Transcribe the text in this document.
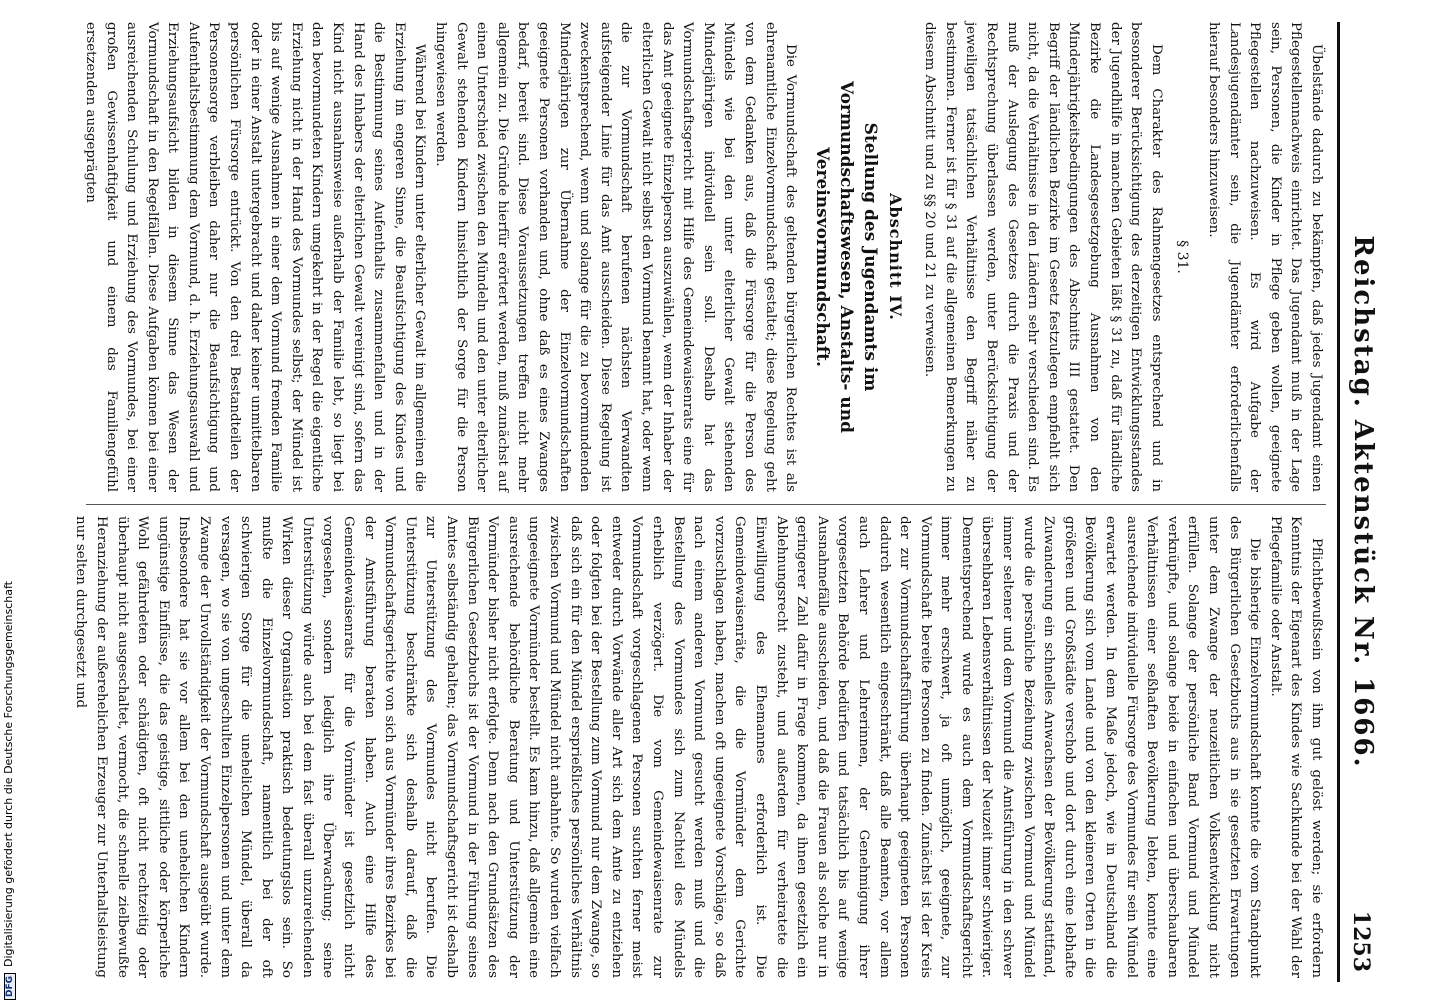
Reichstag. Aktenstück Nr. 1666.
1253

Übelstände dadurch zu bekämpfen, daß jedes Jugendamt einen Pflegestellennachweis einrichtet. Das Jugendamt muß in der Lage sein, Personen, die Kinder in Pflege geben wollen, geeignete Pflegestellen nachzuweisen. Es wird Aufgabe der Landesjugendämter sein, die Jugendämter erforderlichenfalls hierauf besonders hinzuweisen.

§ 31.

Dem Charakter des Rahmengesetzes entsprechend und in besonderer Berücksichtigung des derzeitigen Entwicklungsstandes der Jugendhilfe in manchen Gebieten läßt § 31 zu, daß für ländliche Bezirke die Landesgesetzgebung Ausnahmen von den Minderjährigkeitsbedingungen des Abschnitts III gestattet. Den Begriff der ländlichen Bezirke im Gesetz festzulegen empfiehlt sich nicht, da die Verhältnisse in den Ländern sehr verschieden sind. Es muß der Auslegung des Gesetzes durch die Praxis und der Rechtsprechung überlassen werden, unter Berücksichtigung der jeweiligen tatsächlichen Verhältnisse den Begriff näher zu bestimmen. Ferner ist für § 31 auf die allgemeinen Bemerkungen zu diesem Abschnitt und zu §§ 20 und 21 zu verweisen.

Abschnitt IV.

Stellung des Jugendamts im Vormundschaftswesen, Anstalts- und Vereinsvormundschaft.

Die Vormundschaft des geltenden bürgerlichen Rechtes ist als ehrenamtliche Einzelvormundschaft gestaltet; diese Regelung geht von dem Gedanken aus, daß die Fürsorge für die Person des Mündels wie bei den unter elterlicher Gewalt stehenden Minderjährigen individuell sein soll. Deshalb hat das Vormundschaftsgericht mit Hilfe des Gemeindewaisenrats eine für das Amt geeignete Einzelperson auszuwählen, wenn der Inhaber der elterlichen Gewalt nicht selbst den Vormund benannt hat, oder wenn die zur Vormundschaft berufenen nächsten Verwandten aufsteigender Linie für das Amt ausscheiden. Diese Regelung ist zweckentsprechend, wenn und solange für die zu bevormundenden Minderjährigen zur Übernahme der Einzelvormundschaften geeignete Personen vorhanden und, ohne daß es eines Zwanges bedarf, bereit sind. Diese Voraussetzungen treffen nicht mehr allgemein zu. Die Gründe hierfür erörtert werden, muß zunächst auf einen Unterschied zwischen den Mündeln und den unter elterlicher Gewalt stehenden Kindern hinsichtlich der Sorge für die Person hingewiesen werden.

Während bei Kindern unter elterlicher Gewalt im allgemeinen die Erziehung im engeren Sinne, die Beaufsichtigung des Kindes und die Bestimmung seines Aufenthalts zusammenfallen und in der Hand des Inhabers der elterlichen Gewalt vereinigt sind, sofern das Kind nicht ausnahmsweise außerhalb der Familie lebt, so liegt bei den bevormundeten Kindern umgekehrt in der Regel die eigentliche Erziehung nicht in der Hand des Vormundes selbst; der Mündel ist bis auf wenige Ausnahmen in einer dem Vormund fremden Familie oder in einer Anstalt untergebracht und daher keiner unmittelbaren persönlichen Fürsorge entrückt. Von den drei Bestandteilen der Personensorge verbleiben daher nur die Beaufsichtigung und Aufenthaltsbestimmung dem Vormund, d. h. Erziehungsauswahl und Erziehungsaufsicht bilden in diesem Sinne das Wesen der Vormundschaft in den Regelfällen. Diese Aufgaben können bei einer ausreichenden Schulung und Erziehung des Vormundes, bei einer großen Gewissenhaftigkeit und einem das Familiengefühl ersetzenden ausgeprägten

Pflichtbewußtsein von ihm gut gelöst werden; sie erfordern Kenntnis der Eigenart des Kindes wie Sachkunde bei der Wahl der Pflegefamilie oder Anstalt.

Die bisherige Einzelvormundschaft konnte die vom Standpunkt des Bürgerlichen Gesetzbuchs aus in sie gesetzten Erwartungen unter dem Zwange der neuzeitlichen Volksentwicklung nicht erfüllen. Solange der persönliche Band Vormund und Mündel verknüpfte, und solange beide in einfachen und überschaubaren Verhältnissen einer seßhaften Bevölkerung lebten, konnte eine ausreichende individuelle Fürsorge des Vormundes für sein Mündel erwartet werden. In dem Maße jedoch, wie in Deutschland die Bevölkerung sich vom Lande und von den kleineren Orten in die größeren und Großstädte verschob und dort durch eine lebhafte Zuwanderung ein schnelles Anwachsen der Bevölkerung stattfand, wurde die persönliche Beziehung zwischen Vormund und Mündel immer seltener und dem Vormund die Amtsführung in den schwer übersehbaren Lebensverhältnissen der Neuzeit immer schwieriger. Dementsprechend wurde es auch dem Vormundschaftsgericht immer mehr erschwert, ja oft unmöglich, geeignete, zur Vormundschaft bereite Personen zu finden. Zunächst ist der Kreis der zur Vormundschaftsführung überhaupt geeigneten Personen dadurch wesentlich eingeschränkt, daß alle Beamten, vor allem auch Lehrer und Lehrerinnen, der Genehmigung ihrer vorgesetzten Behörde bedürfen und tatsächlich bis auf wenige Ausnahmefälle ausscheiden, und daß die Frauen als solche nur in geringerer Zahl dafür in Frage kommen, da ihnen gesetzlich ein Ablehnungsrecht zusteht, und außerdem für verheiratete die Einwilligung des Ehemannes erforderlich ist. Die Gemeindewaisenräte, die die Vormünder dem Gerichte vorzuschlagen haben, machen oft ungeeignete Vorschläge, so daß nach einem anderen Vormund gesucht werden muß und die Bestellung des Vormundes sich zum Nachteil des Mündels erheblich verzögert. Die vom Gemeindewaisenrate zur Vormundschaft vorgeschlagenen Personen suchten ferner meist entweder durch Vorwände aller Art sich dem Amte zu entziehen oder folgten bei der Bestellung zum Vormund nur dem Zwange, so daß sich ein für den Mündel ersprießliches persönliches Verhältnis zwischen Vormund und Mündel nicht anbahnte. So wurden vielfach ungeeignete Vormünder bestellt. Es kam hinzu, daß allgemein eine ausreichende behördliche Beratung und Unterstützung der Vormünder bisher nicht erfolgte. Denn nach den Grundsätzen des Bürgerlichen Gesetzbuchs ist der Vormund in der Führung seines Amtes selbständig gehalten; das Vormundschaftsgericht ist deshalb zur Unterstützung des Vormundes nicht berufen. Die Unterstützung beschränkte sich deshalb darauf, daß die Vormundschaftsgerichte von sich aus Vormünder ihres Bezirkes bei der Amtsführung beraten haben. Auch eine Hilfe des Gemeindewaisenrats für die Vormünder ist gesetzlich nicht vorgesehen, sondern lediglich ihre Überwachung; seine Unterstützung würde auch bei dem fast überall unzureichenden Wirken dieser Organisation praktisch bedeutungslos sein. So mußte die Einzelvormundschaft, namentlich bei der oft schwierigen Sorge für die unehelichen Mündel, überall da versagen, wo sie von ungeschulten Einzelpersonen und unter dem Zwange der Unvollständigkeit der Vormundschaft ausgeübt wurde. Insbesondere hat sie vor allem bei den unehelichen Kindern ungünstige Einflüsse, die das geistige, sittliche oder körperliche Wohl gefährdeten oder schädigten, oft nicht rechtzeitig oder überhaupt nicht ausgeschaltet, vermocht, die schnelle zielbewußte Heranziehung der außerehelichen Erzeuger zur Unterhaltsleistung nur selten durchgesetzt und

DFGDigitalisierung gefördert durch die Deutsche Forschungsgemeinschaft
